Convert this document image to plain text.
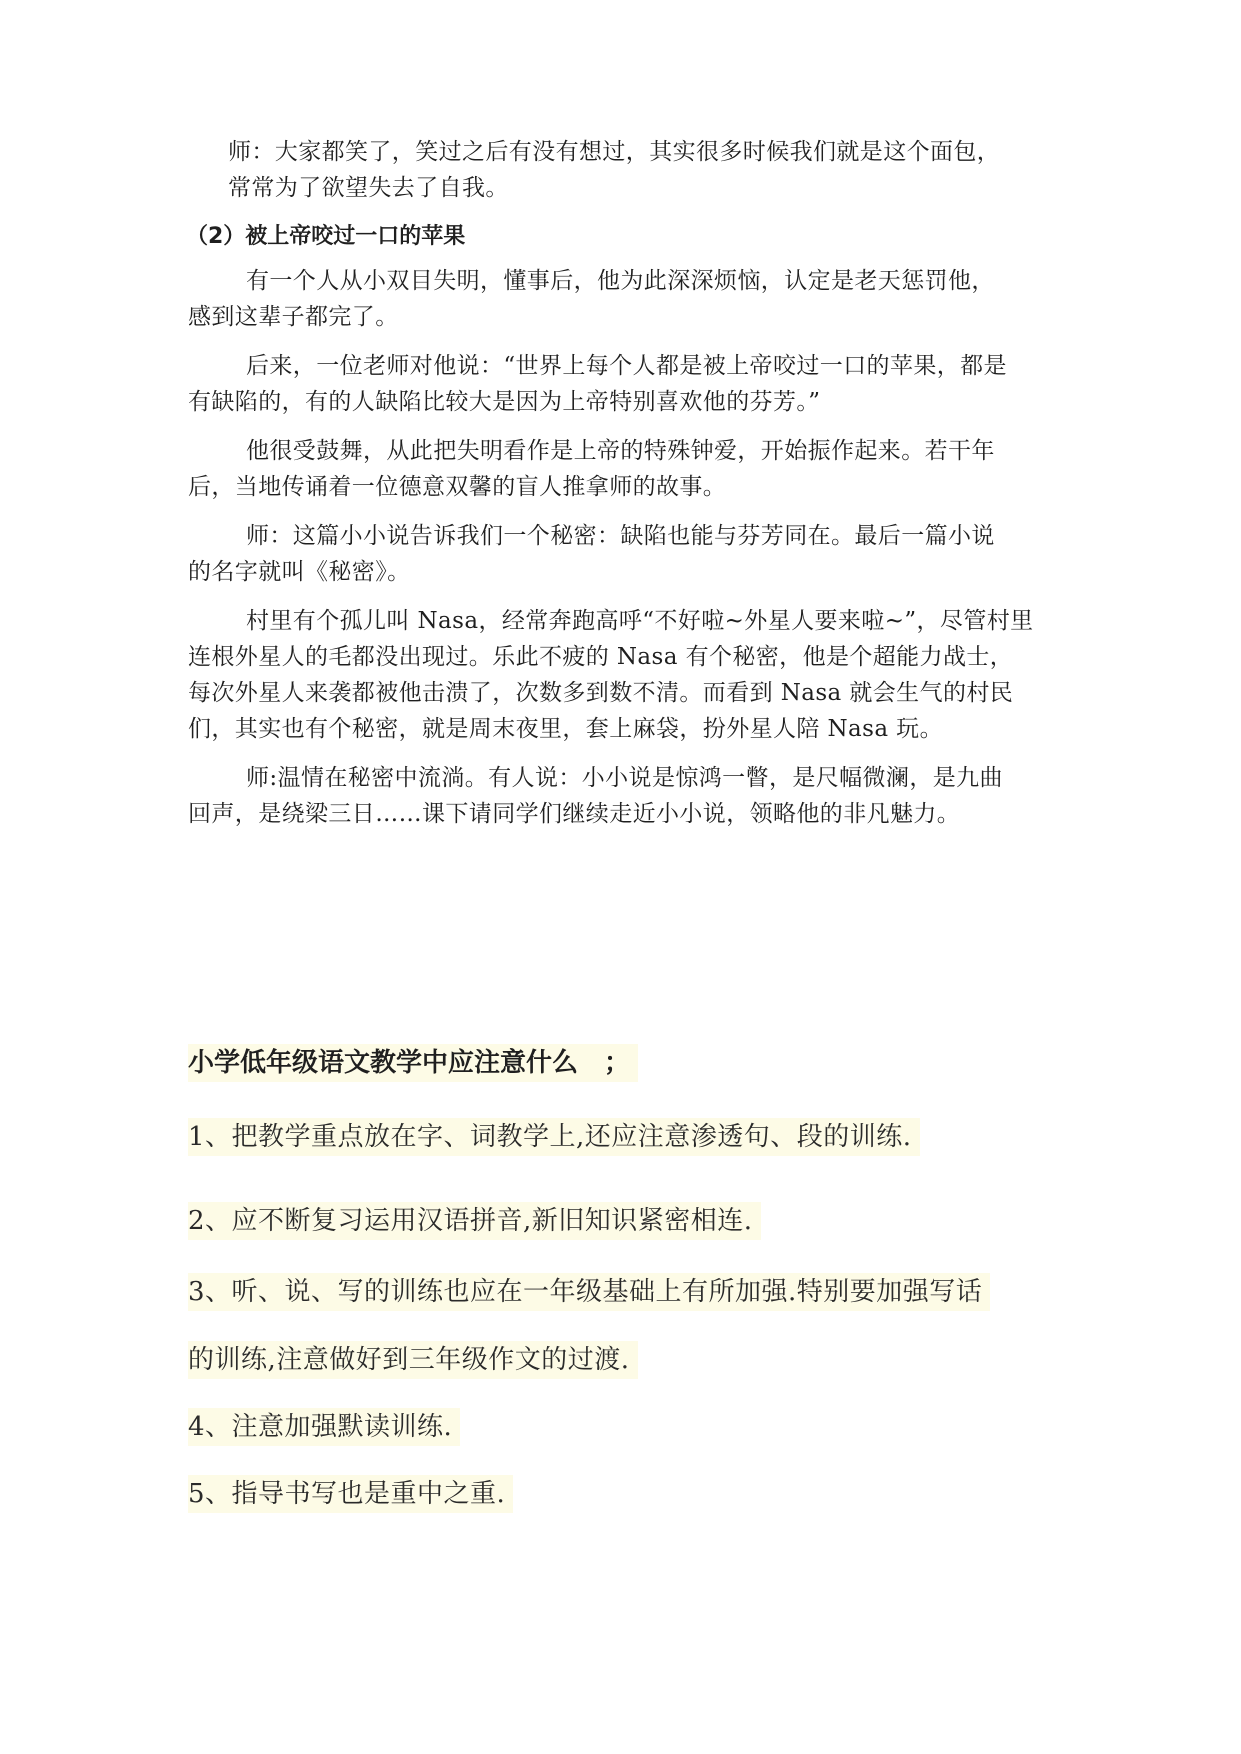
师：大家都笑了，笑过之后有没有想过，其实很多时候我们就是这个面包，
常常为了欲望失去了自我。
（2）被上帝咬过一口的苹果
有一个人从小双目失明，懂事后，他为此深深烦恼，认定是老天惩罚他，
感到这辈子都完了。
后来，一位老师对他说：“世界上每个人都是被上帝咬过一口的苹果，都是
有缺陷的，有的人缺陷比较大是因为上帝特别喜欢他的芬芳。”
他很受鼓舞，从此把失明看作是上帝的特殊钟爱，开始振作起来。若干年
后，当地传诵着一位德意双馨的盲人推拿师的故事。
师：这篇小小说告诉我们一个秘密：缺陷也能与芬芳同在。最后一篇小说
的名字就叫《秘密》。
村里有个孤儿叫 Nasa，经常奔跑高呼“不好啦~外星人要来啦~”，尽管村里
连根外星人的毛都没出现过。乐此不疲的 Nasa 有个秘密，他是个超能力战士，
每次外星人来袭都被他击溃了，次数多到数不清。而看到 Nasa 就会生气的村民
们，其实也有个秘密，就是周末夜里，套上麻袋，扮外星人陪 Nasa 玩。
师:温情在秘密中流淌。有人说：小小说是惊鸿一瞥，是尺幅微澜，是九曲
回声，是绕梁三日……课下请同学们继续走近小小说，领略他的非凡魅力。
小学低年级语文教学中应注意什么　；
1、把教学重点放在字、词教学上,还应注意渗透句、段的训练.
2、应不断复习运用汉语拼音,新旧知识紧密相连.
3、听、说、写的训练也应在一年级基础上有所加强.特别要加强写话
的训练,注意做好到三年级作文的过渡.
4、注意加强默读训练.
5、指导书写也是重中之重.
